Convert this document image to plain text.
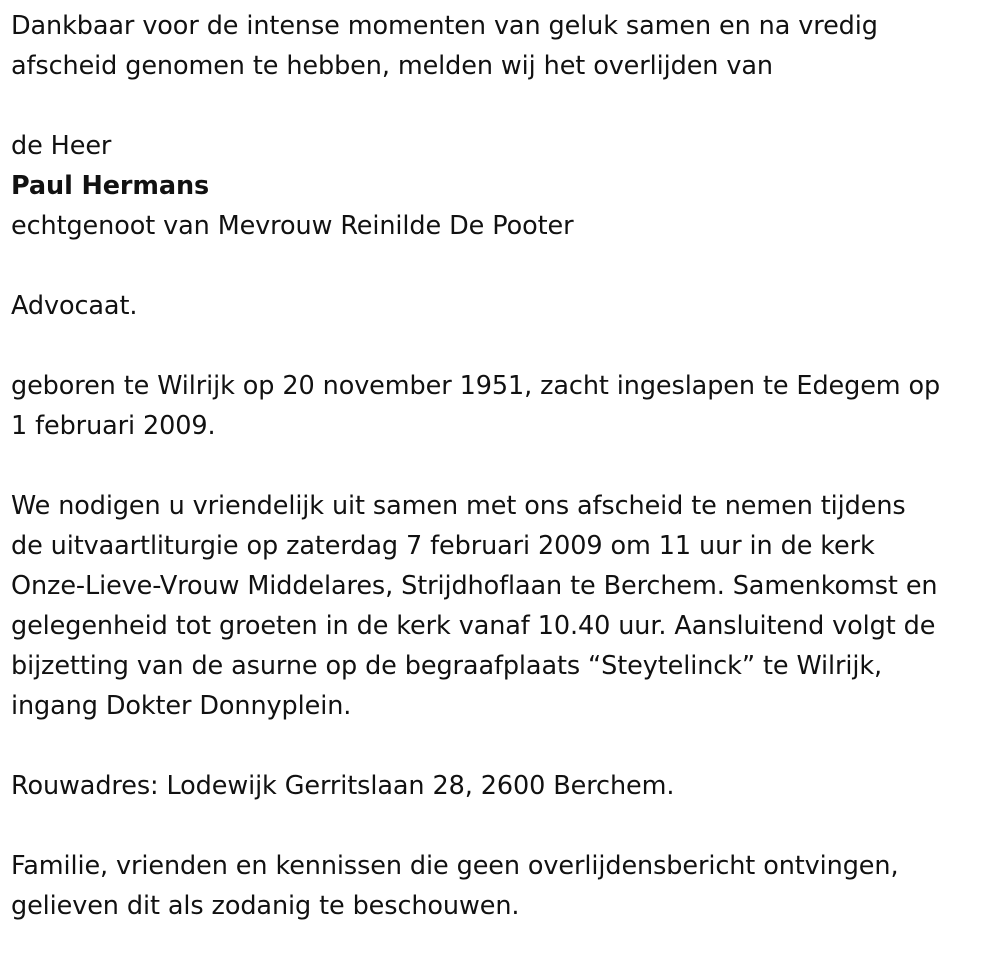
Dankbaar voor de intense momenten van geluk samen en na vredig
afscheid genomen te hebben, melden wij het overlijden van

de Heer

Paul Hermans

echtgenoot van Mevrouw Reinilde De Pooter

Advocaat.

geboren te Wilrijk op 20 november 1951, zacht ingeslapen te Edegem op
1 februari 2009.

We nodigen u vriendelijk uit samen met ons afscheid te nemen tijdens
de uitvaartliturgie op zaterdag 7 februari 2009 om 11 uur in de kerk
Onze-Lieve-Vrouw Middelares, Strijdhoflaan te Berchem. Samenkomst en
gelegenheid tot groeten in de kerk vanaf 10.40 uur. Aansluitend volgt de
bijzetting van de asurne op de begraafplaats “Steytelinck” te Wilrijk,
ingang Dokter Donnyplein.

Rouwadres: Lodewijk Gerritslaan 28, 2600 Berchem.

Familie, vrienden en kennissen die geen overlijdensbericht ontvingen,
gelieven dit als zodanig te beschouwen.
